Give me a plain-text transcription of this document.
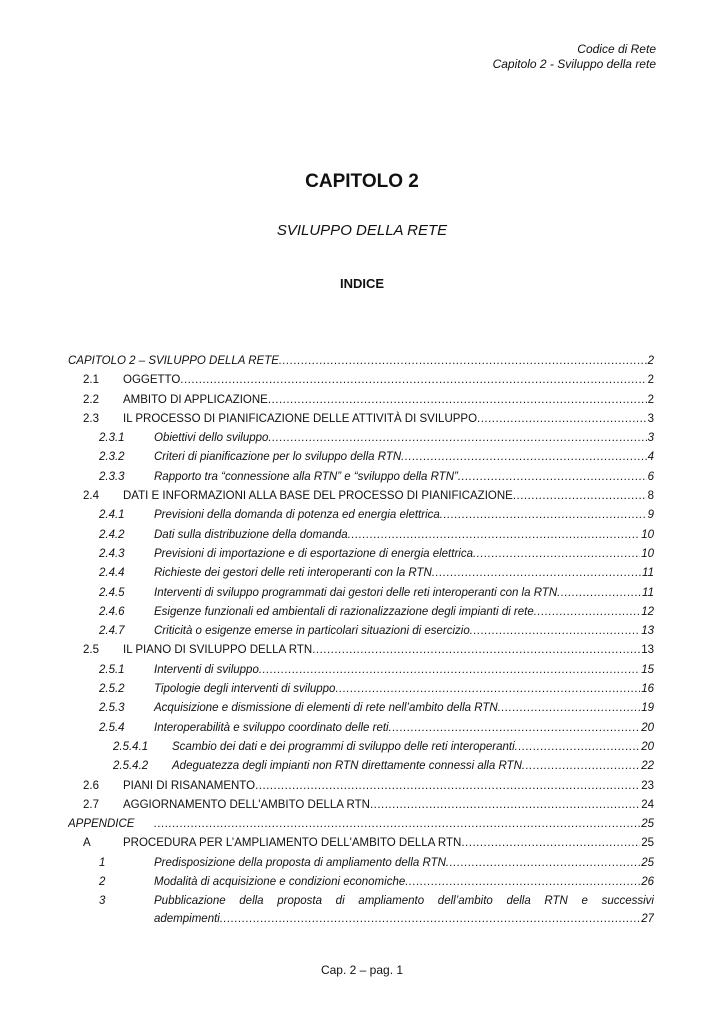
Codice di Rete
Capitolo 2 - Sviluppo della rete
CAPITOLO 2
SVILUPPO DELLA RETE
INDICE
CAPITOLO 2 – SVILUPPO DELLA RETE .....	2
2.1 OGGETTO .....	2
2.2 AMBITO DI APPLICAZIONE .....	2
2.3 IL PROCESSO DI PIANIFICAZIONE DELLE ATTIVITÀ DI SVILUPPO .....	3
2.3.1	Obiettivi dello sviluppo .....	3
2.3.2	Criteri di pianificazione per lo sviluppo della RTN .....	4
2.3.3	Rapporto tra “connessione alla RTN” e “sviluppo della RTN” .....	6
2.4 DATI E INFORMAZIONI ALLA BASE DEL PROCESSO DI PIANIFICAZIONE .....	8
2.4.1	Previsioni della domanda di potenza ed energia elettrica .....	9
2.4.2	Dati sulla distribuzione della domanda .....	10
2.4.3	Previsioni di importazione e di esportazione di energia elettrica .....	10
2.4.4	Richieste dei gestori delle reti interoperanti con la RTN .....	11
2.4.5	Interventi di sviluppo programmati dai gestori delle reti interoperanti con la RTN .....	11
2.4.6	Esigenze funzionali ed ambientali di razionalizzazione degli impianti di rete .....	12
2.4.7	Criticità o esigenze emerse in particolari situazioni di esercizio .....	13
2.5 IL PIANO DI SVILUPPO DELLA RTN .....	13
2.5.1	Interventi di sviluppo .....	15
2.5.2	Tipologie degli interventi di sviluppo .....	16
2.5.3	Acquisizione e dismissione di elementi di rete nell’ambito della RTN .....	19
2.5.4	Interoperabilità e sviluppo coordinato delle reti .....	20
2.5.4.1 Scambio dei dati e dei programmi di sviluppo delle reti interoperanti .....	20
2.5.4.2 Adeguatezza degli impianti non RTN direttamente connessi alla RTN .....	22
2.6 PIANI DI RISANAMENTO .....	23
2.7 AGGIORNAMENTO DELL'AMBITO DELLA RTN .....	24
APPENDICE .....	25
A	PROCEDURA PER L’AMPLIAMENTO DELL'AMBITO DELLA RTN .....	25
1	Predisposizione della proposta di ampliamento della RTN .....	25
2	Modalità di acquisizione e condizioni economiche .....	26
3	Pubblicazione della proposta di ampliamento dell’ambito della RTN e successivi
adempimenti .....	27
Cap. 2 – pag. 1
